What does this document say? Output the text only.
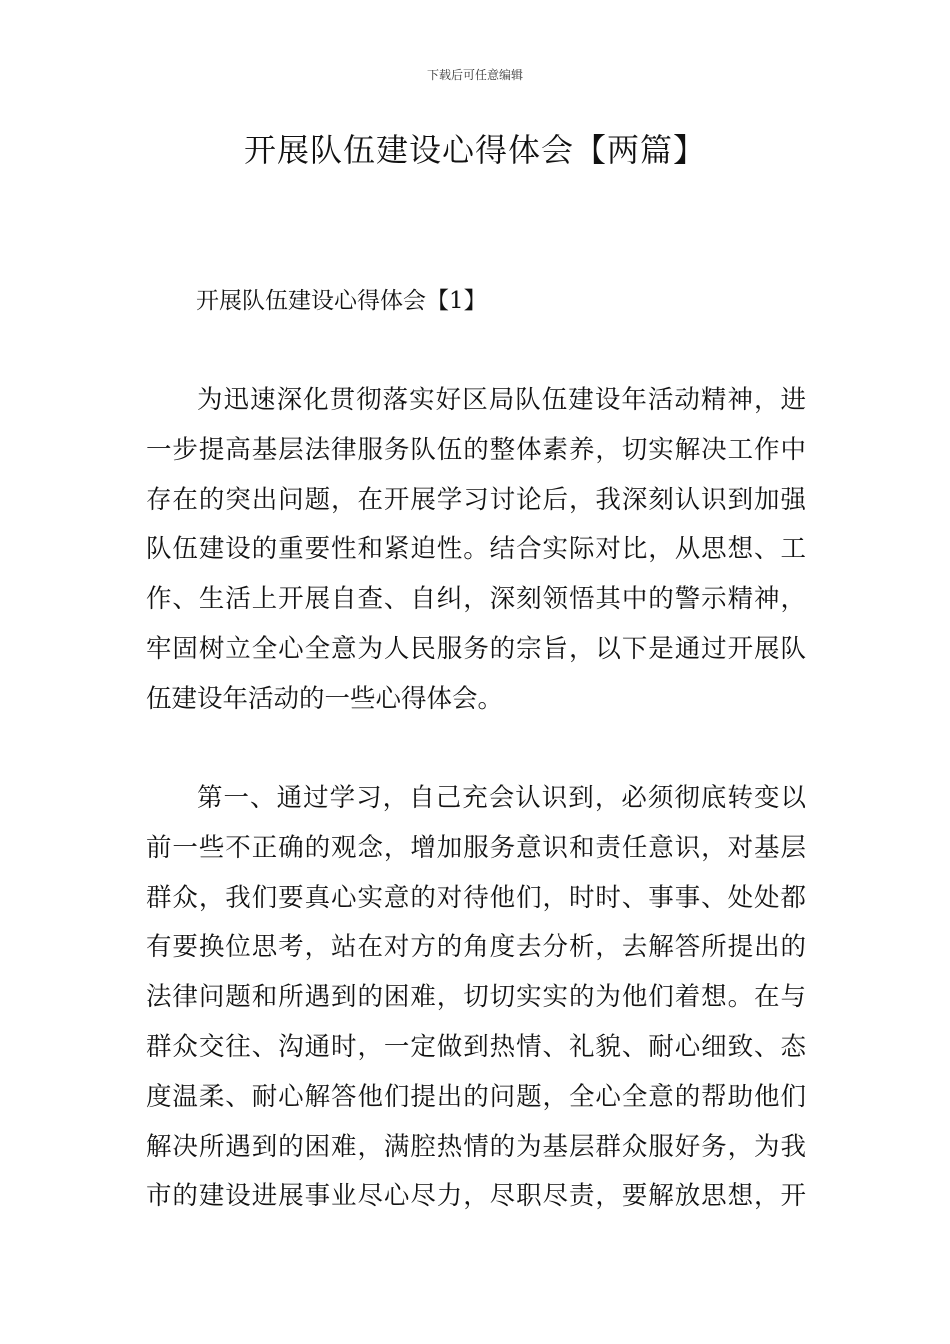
下载后可任意编辑
开展队伍建设心得体会【两篇】
开展队伍建设心得体会【1】
为迅速深化贯彻落实好区局队伍建设年活动精神，进
一步提高基层法律服务队伍的整体素养，切实解决工作中
存在的突出问题，在开展学习讨论后，我深刻认识到加强
队伍建设的重要性和紧迫性。结合实际对比，从思想、工
作、生活上开展自查、自纠，深刻领悟其中的警示精神，
牢固树立全心全意为人民服务的宗旨，以下是通过开展队
伍建设年活动的一些心得体会。
第一、通过学习，自己充会认识到，必须彻底转变以
前一些不正确的观念，增加服务意识和责任意识，对基层
群众，我们要真心实意的对待他们，时时、事事、处处都
有要换位思考，站在对方的角度去分析，去解答所提出的
法律问题和所遇到的困难，切切实实的为他们着想。在与
群众交往、沟通时，一定做到热情、礼貌、耐心细致、态
度温柔、耐心解答他们提出的问题，全心全意的帮助他们
解决所遇到的困难，满腔热情的为基层群众服好务，为我
市的建设进展事业尽心尽力，尽职尽责，要解放思想，开
